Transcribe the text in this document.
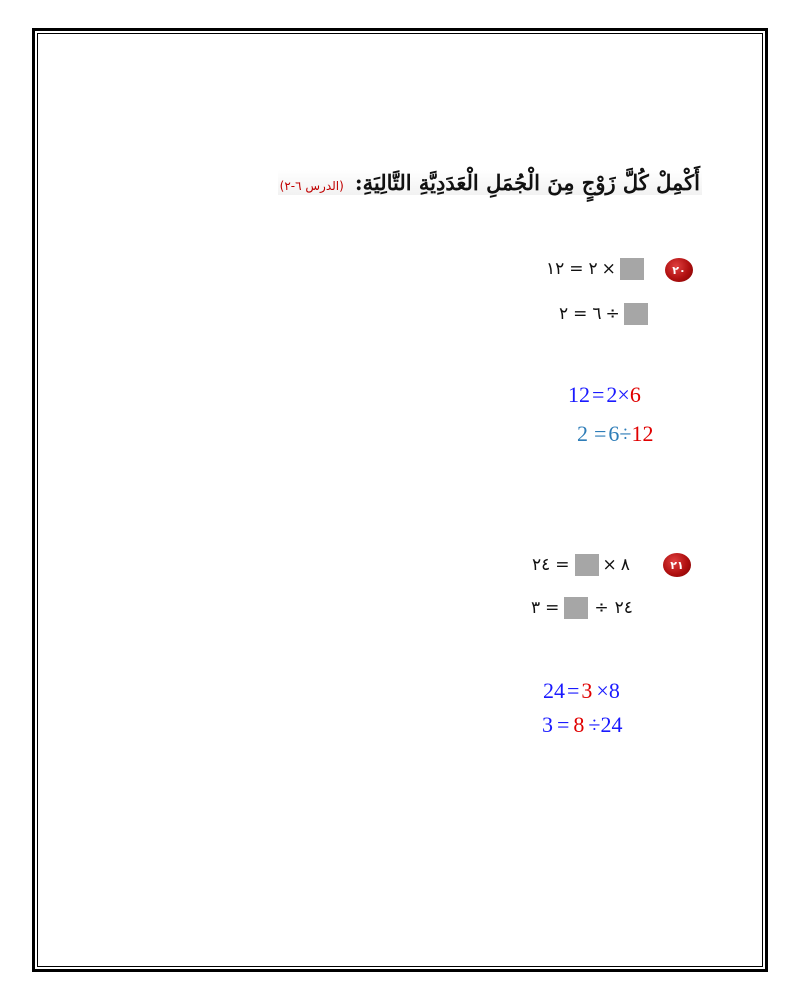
أَكْمِلْ كُلَّ زَوْجٍ مِنَ الْجُمَلِ الْعَدَدِيَّةِ التَّالِيَةِ: (الدرس ٦-٢)
٢٠
١٢ = ٢ ×
٢ = ٦ ÷
12=2×6
2 =6÷12
٢١
٢٤ = × ٨
٣ = ÷ ٢٤
24=3 ×8
3 = 8 ÷24
